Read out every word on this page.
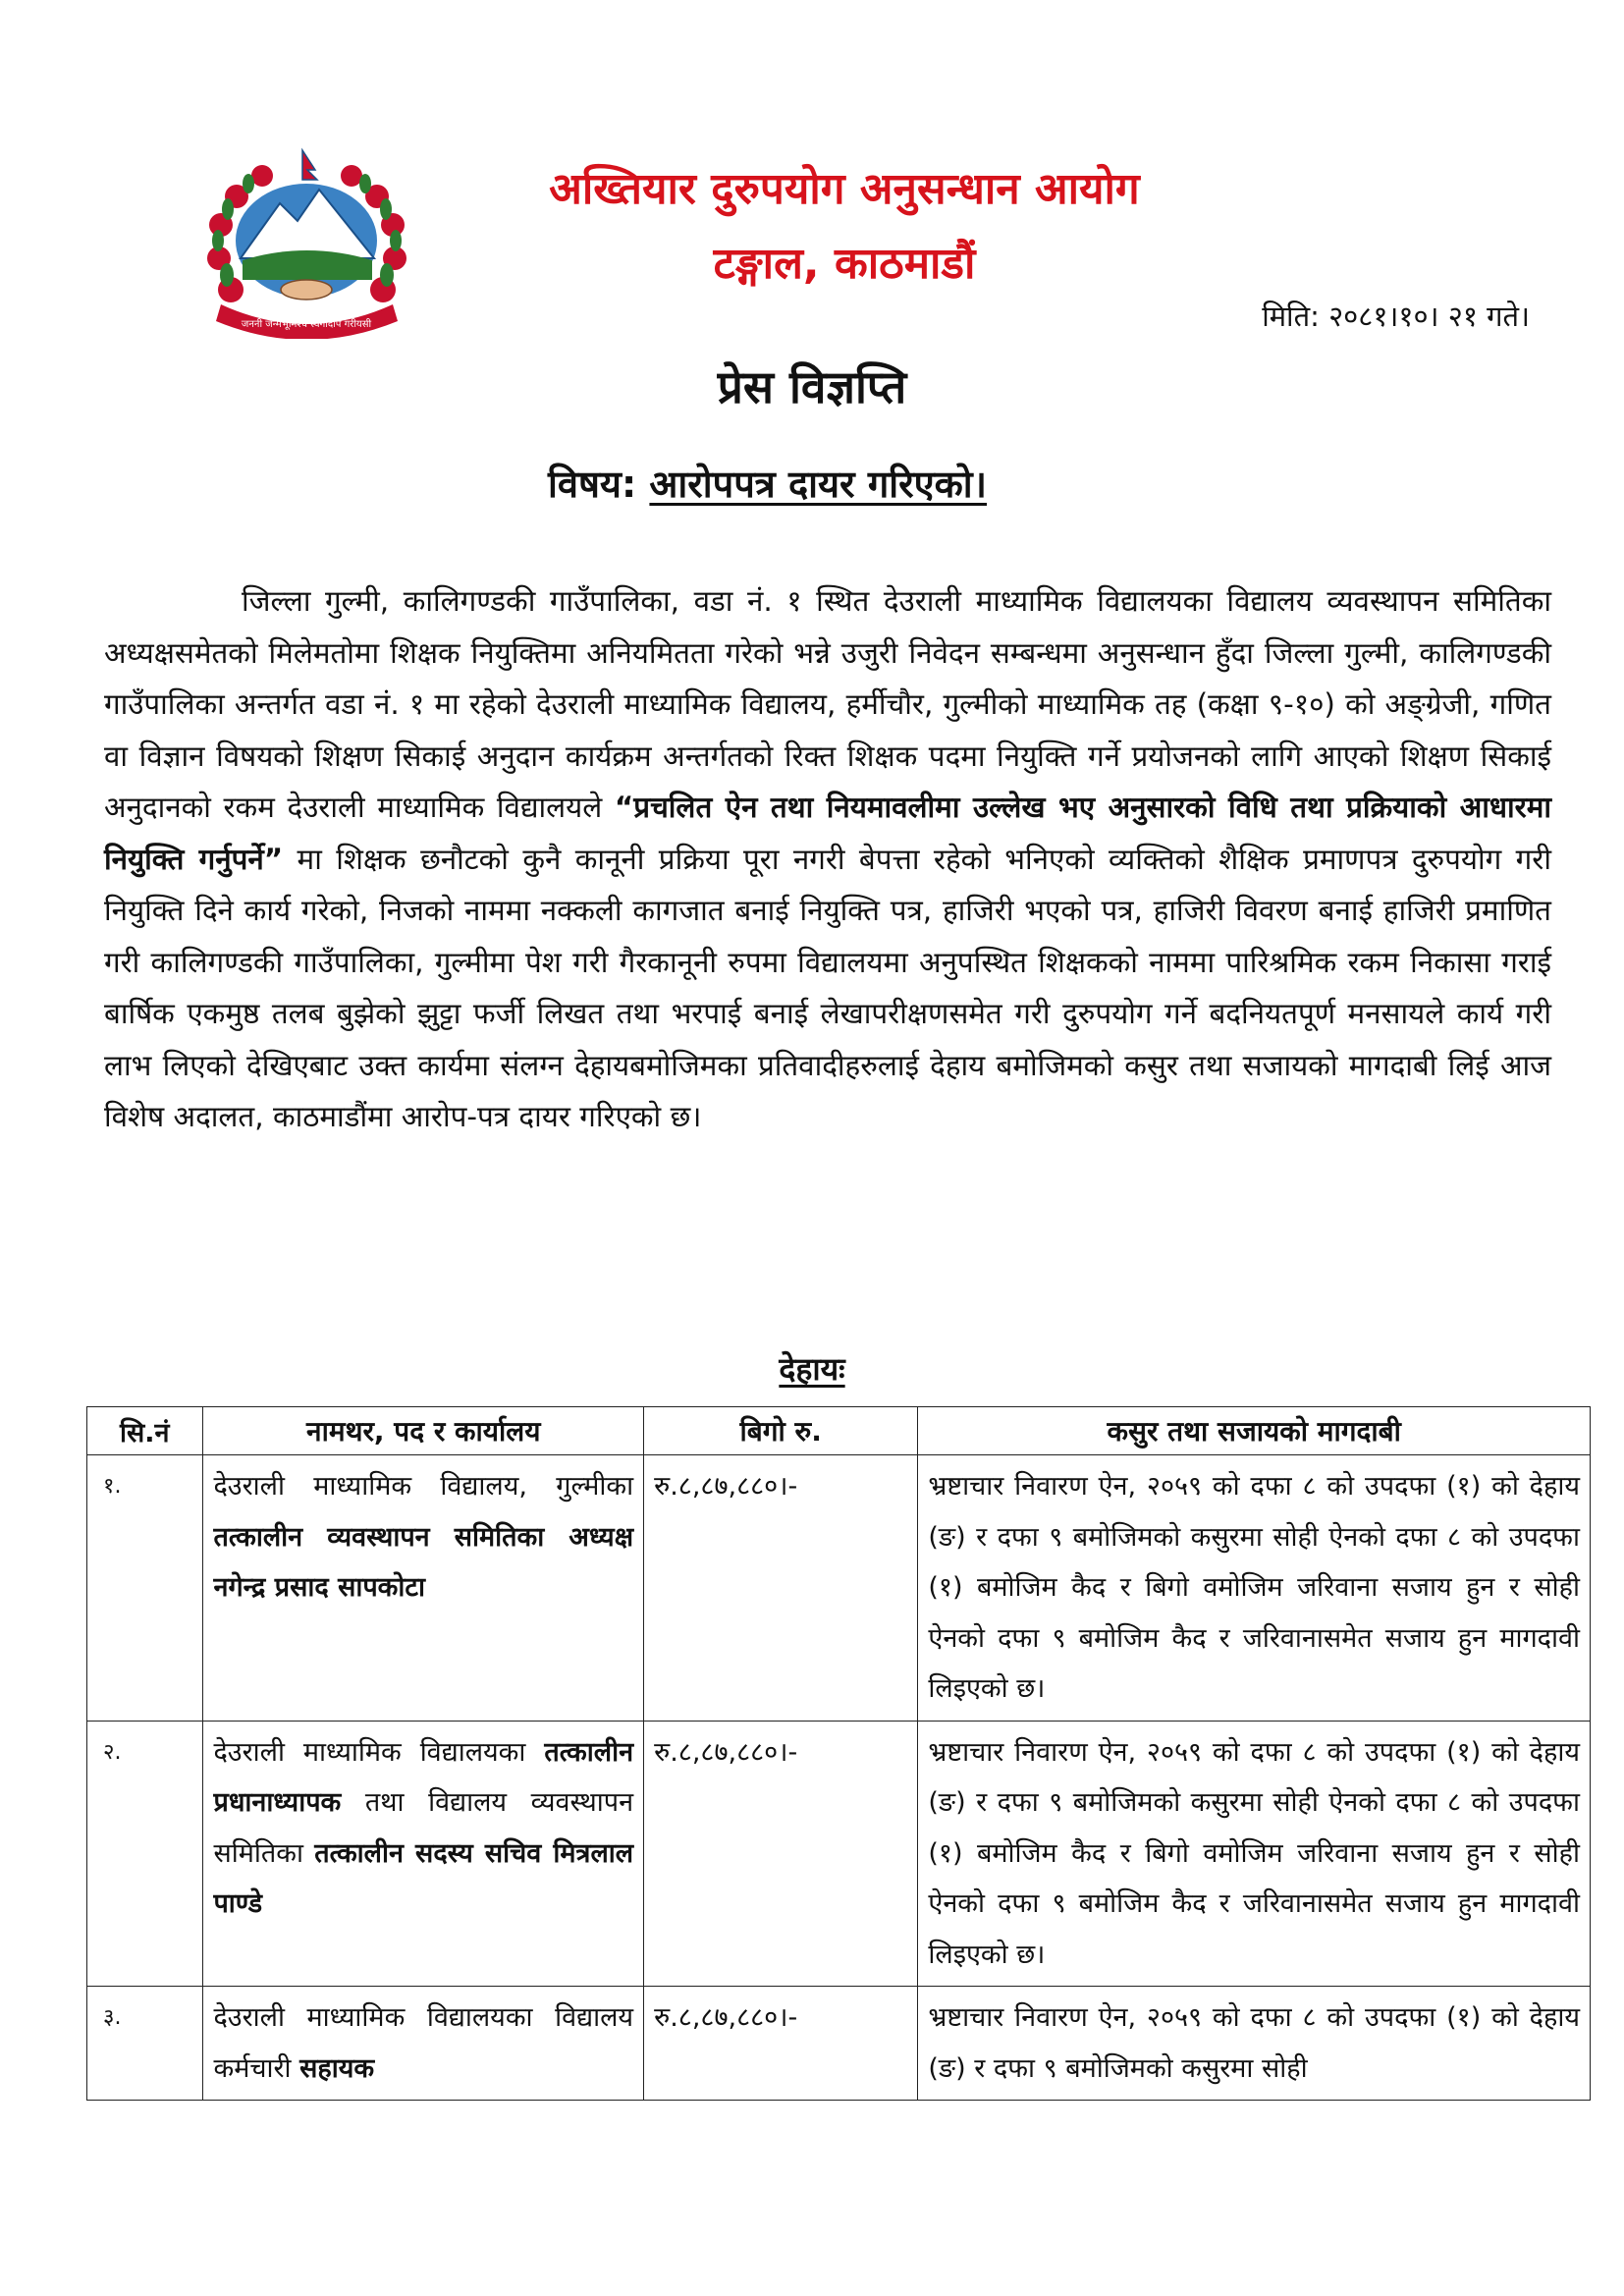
जननी जन्मभूमिश्च स्वर्गादपि गरीयसी
अख्तियार दुरुपयोग अनुसन्धान आयोग
टङ्गाल, काठमाडौं
मिति: २०८१।१०। २१ गते।
प्रेस विज्ञप्ति
विषय: आरोपपत्र दायर गरिएको।
जिल्ला गुल्मी, कालिगण्डकी गाउँपालिका, वडा नं. १ स्थित देउराली माध्यामिक विद्यालयका विद्यालय व्यवस्थापन समितिका अध्यक्षसमेतको मिलेमतोमा शिक्षक नियुक्तिमा अनियमितता गरेको भन्ने उजुरी निवेदन सम्बन्धमा अनुसन्धान हुँदा जिल्ला गुल्मी, कालिगण्डकी गाउँपालिका अन्तर्गत वडा नं. १ मा रहेको देउराली माध्यामिक विद्यालय, हर्मीचौर, गुल्मीको माध्यामिक तह (कक्षा ९-१०) को अङ्ग्रेजी, गणित वा विज्ञान विषयको शिक्षण सिकाई अनुदान कार्यक्रम अन्तर्गतको रिक्त शिक्षक पदमा नियुक्ति गर्ने प्रयोजनको लागि आएको शिक्षण सिकाई अनुदानको रकम देउराली माध्यामिक विद्यालयले “प्रचलित ऐन तथा नियमावलीमा उल्लेख भए अनुसारको विधि तथा प्रक्रियाको आधारमा नियुक्ति गर्नुपर्ने” मा शिक्षक छनौटको कुनै कानूनी प्रक्रिया पूरा नगरी बेपत्ता रहेको भनिएको व्यक्तिको शैक्षिक प्रमाणपत्र दुरुपयोग गरी नियुक्ति दिने कार्य गरेको, निजको नाममा नक्कली कागजात बनाई नियुक्ति पत्र, हाजिरी भएको पत्र, हाजिरी विवरण बनाई हाजिरी प्रमाणित गरी कालिगण्डकी गाउँपालिका, गुल्मीमा पेश गरी गैरकानूनी रुपमा विद्यालयमा अनुपस्थित शिक्षकको नाममा पारिश्रमिक रकम निकासा गराई बार्षिक एकमुष्ठ तलब बुझेको झुट्टा फर्जी लिखत तथा भरपाई बनाई लेखापरीक्षणसमेत गरी दुरुपयोग गर्ने बदनियतपूर्ण मनसायले कार्य गरी लाभ लिएको देखिएबाट उक्त कार्यमा संलग्न देहायबमोजिमका प्रतिवादीहरुलाई देहाय बमोजिमको कसुर तथा सजायको मागदाबी लिई आज विशेष अदालत, काठमाडौंमा आरोप-पत्र दायर गरिएको छ।
देहायः
सि.नं	नामथर, पद र कार्यालय	बिगो रु.	कसुर तथा सजायको मागदाबी
१.	देउराली माध्यामिक विद्यालय, गुल्मीका तत्कालीन व्यवस्थापन समितिका अध्यक्ष नगेन्द्र प्रसाद सापकोटा	रु.८,८७,८८०।-	भ्रष्टाचार निवारण ऐन, २०५९ को दफा ८ को उपदफा (१) को देहाय (ङ) र दफा ९ बमोजिमको कसुरमा सोही ऐनको दफा ८ को उपदफा (१) बमोजिम कैद र बिगो वमोजिम जरिवाना सजाय हुन र सोही ऐनको दफा ९ बमोजिम कैद र जरिवानासमेत सजाय हुन मागदावी लिइएको छ।
२.	देउराली माध्यामिक विद्यालयका तत्कालीन प्रधानाध्यापक तथा विद्यालय व्यवस्थापन समितिका तत्कालीन सदस्य सचिव मित्रलाल पाण्डे	रु.८,८७,८८०।-	भ्रष्टाचार निवारण ऐन, २०५९ को दफा ८ को उपदफा (१) को देहाय (ङ) र दफा ९ बमोजिमको कसुरमा सोही ऐनको दफा ८ को उपदफा (१) बमोजिम कैद र बिगो वमोजिम जरिवाना सजाय हुन र सोही ऐनको दफा ९ बमोजिम कैद र जरिवानासमेत सजाय हुन मागदावी लिइएको छ।
३.	देउराली माध्यामिक विद्यालयका विद्यालय कर्मचारी सहायक	रु.८,८७,८८०।-	भ्रष्टाचार निवारण ऐन, २०५९ को दफा ८ को उपदफा (१) को देहाय (ङ) र दफा ९ बमोजिमको कसुरमा सोही
